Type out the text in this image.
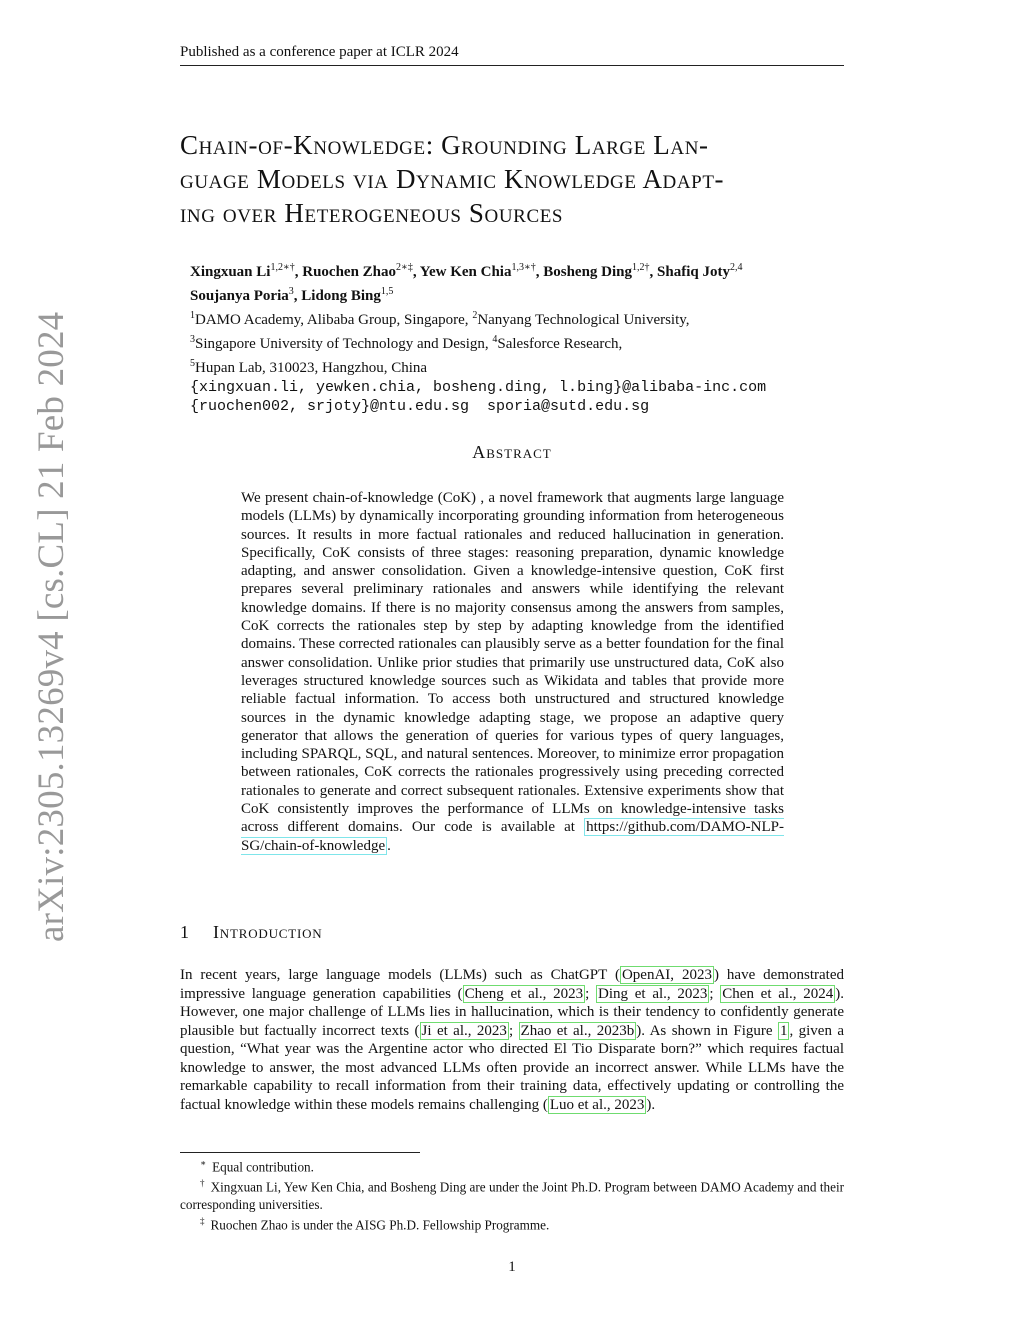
Published as a conference paper at ICLR 2024
arXiv:2305.13269v4 [cs.CL] 21 Feb 2024
Chain-of-Knowledge: Grounding Large Lan-
guage Models via Dynamic Knowledge Adapt-
ing over Heterogeneous Sources
Xingxuan $Li^{1,2∗\dagger}$, Ruochen Zhao$^{2∗\ddagger}$, Yew Ken Chia$^{1,3∗\dagger}$, Bosheng Ding$^{1,2\dagger}$, Shafiq Joty$^{2,4}$
Soujanya Poria$^3$, Lidong Bing$^{1,5}$
$^1$DAMO Academy, Alibaba Group, Singapore, $^2$Nanyang Technological University,
$^3$Singapore University of Technology and Design, $^4$Salesforce Research,
$^5$Hupan Lab, 310023, Hangzhou, China
{xingxuan.li, yewken.chia, bosheng.ding, l.bing}@alibaba-inc.com
{ruochen002, srjoty}@ntu.edu.sg  sporia@sutd.edu.sg
Abstract
We present chain-of-knowledge (CoK) , a novel framework that augments large language models (LLMs) by dynamically incorporating grounding information from heterogeneous sources. It results in more factual rationales and reduced hallucination in generation. Specifically, CoK consists of three stages: reasoning preparation, dynamic knowledge adapting, and answer consolidation. Given a knowledge-intensive question, CoK first prepares several preliminary rationales and answers while identifying the relevant knowledge domains. If there is no majority consensus among the answers from samples, CoK corrects the rationales step by step by adapting knowledge from the identified domains. These corrected rationales can plausibly serve as a better foundation for the final answer consolidation. Unlike prior studies that primarily use unstructured data, CoK also leverages structured knowledge sources such as Wikidata and tables that provide more reliable factual information. To access both unstructured and structured knowledge sources in the dynamic knowledge adapting stage, we propose an adaptive query generator that allows the generation of queries for various types of query languages, including SPARQL, SQL, and natural sentences. Moreover, to minimize error propagation between rationales, CoK corrects the rationales progressively using preceding corrected rationales to generate and correct subsequent rationales. Extensive experiments show that CoK consistently improves the performance of LLMs on knowledge-intensive tasks across different domains. Our code is available at https://github.com/DAMO-NLP-SG/chain-of-knowledge .
1 Introduction
In recent years, large language models (LLMs) such as ChatGPT ( OpenAI, 2023 ) have demonstrated impressive language generation capabilities ( Cheng et al., 2023 ; Ding et al., 2023 ; Chen et al., 2024 ). However, one major challenge of LLMs lies in hallucination, which is their tendency to confidently generate plausible but factually incorrect texts ( Ji et al., 2023 ; Zhao et al., 2023b ). As shown in Figure 1 , given a question, “What year was the Argentine actor who directed El Tio Disparate born?” which requires factual knowledge to answer, the most advanced LLMs often provide an incorrect answer. While LLMs have the remarkable capability to recall information from their training data, effectively updating or controlling the factual knowledge within these models remains challenging ( Luo et al., 2023 ).
∗ Equal contribution.
† Xingxuan Li, Yew Ken Chia, and Bosheng Ding are under the Joint Ph.D. Program between DAMO Academy and their corresponding universities.
‡ Ruochen Zhao is under the AISG Ph.D. Fellowship Programme.
1
